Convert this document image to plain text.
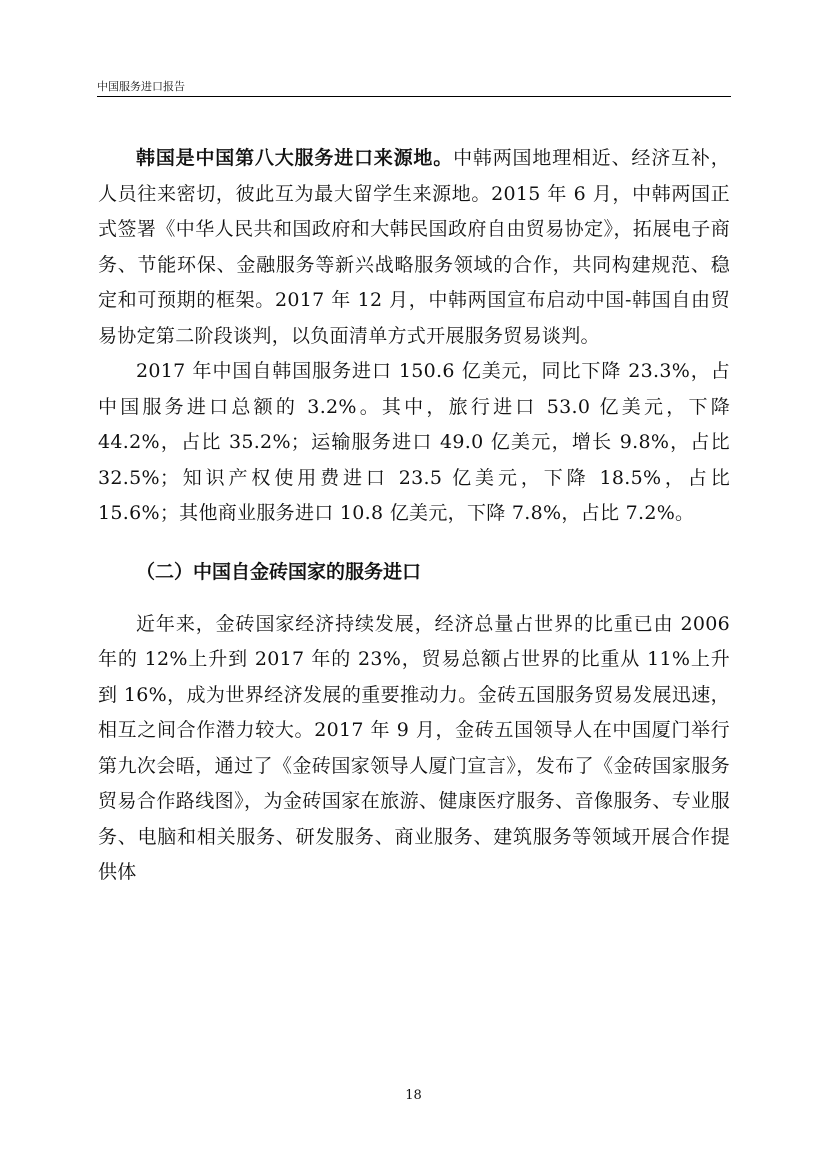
中国服务进口报告

韩国是中国第八大服务进口来源地。中韩两国地理相近、经济互补，人员往来密切，彼此互为最大留学生来源地。2015 年 6 月，中韩两国正式签署《中华人民共和国政府和大韩民国政府自由贸易协定》，拓展电子商务、节能环保、金融服务等新兴战略服务领域的合作，共同构建规范、稳定和可预期的框架。2017 年 12 月，中韩两国宣布启动中国-韩国自由贸易协定第二阶段谈判，以负面清单方式开展服务贸易谈判。

2017 年中国自韩国服务进口 150.6 亿美元，同比下降 23.3%，占中国服务进口总额的 3.2%。其中，旅行进口 53.0 亿美元，下降 44.2%，占比 35.2%；运输服务进口 49.0 亿美元，增长 9.8%，占比 32.5%；知识产权使用费进口 23.5 亿美元，下降 18.5%，占比 15.6%；其他商业服务进口 10.8 亿美元，下降 7.8%，占比 7.2%。

（二）中国自金砖国家的服务进口

近年来，金砖国家经济持续发展，经济总量占世界的比重已由 2006 年的 12%上升到 2017 年的 23%，贸易总额占世界的比重从 11%上升到 16%，成为世界经济发展的重要推动力。金砖五国服务贸易发展迅速，相互之间合作潜力较大。2017 年 9 月，金砖五国领导人在中国厦门举行第九次会晤，通过了《金砖国家领导人厦门宣言》，发布了《金砖国家服务贸易合作路线图》，为金砖国家在旅游、健康医疗服务、音像服务、专业服务、电脑和相关服务、研发服务、商业服务、建筑服务等领域开展合作提供体

18
